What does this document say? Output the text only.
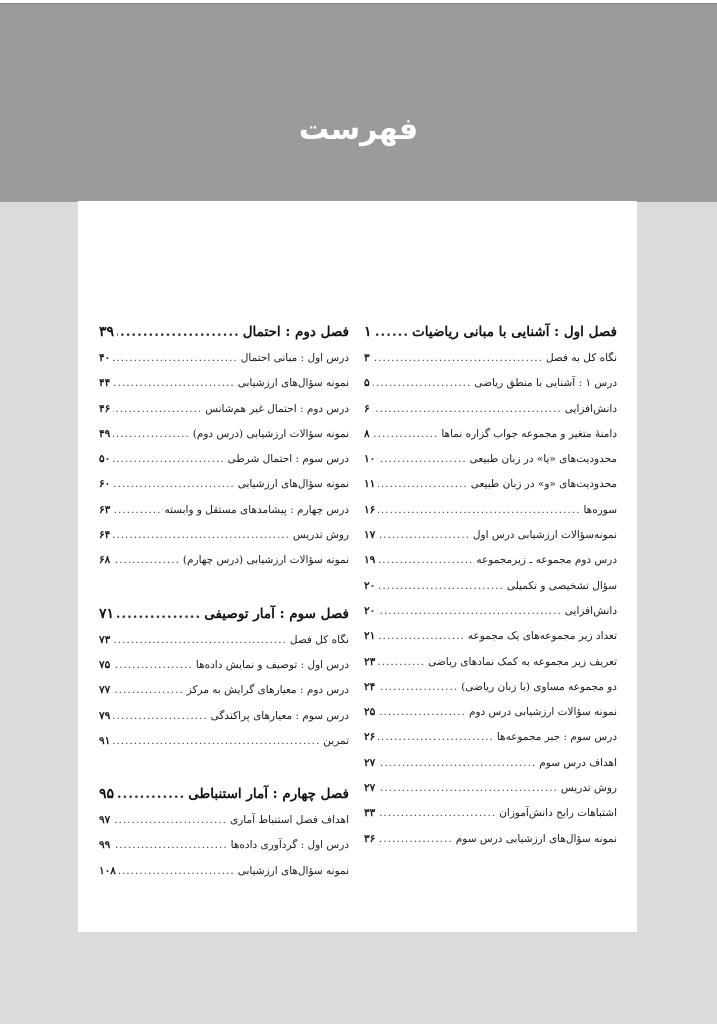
فهرست
فصل اول : آشنایی با مبانی ریاضیات
.....
۱
نگاه کل به فصل
.....
۳
درس ۱ : آشنایی با منطق ریاضی
.....
۵
دانش‌افزایی
.....
۶
دامنهٔ متغیر و مجموعه جواب گزاره نماها
.....
۸
محدودیت‌های «یا» در زبان طبیعی
.....
۱۰
محدودیت‌های «و» در زبان طبیعی
.....
۱۱
سوره‌ها
.....
۱۶
نمونه‌سؤالات ارزشیابی درس اول
.....
۱۷
درس دوم مجموعه ـ زیرمجموعه
.....
۱۹
سؤال تشخیصی و تکمیلی
.....
۲۰
دانش‌افزایی
.....
۲۰
تعداد زیر مجموعه‌های یک مجموعه
.....
۲۱
تعریف زیر مجموعه به کمک نمادهای ریاضی
.....
۲۳
دو مجموعه مساوی (با زبان ریاضی)
.....
۲۴
نمونه سؤالات ارزشیابی درس دوم
.....
۲۵
درس سوم : جبر مجموعه‌ها
.....
۲۶
اهداف درس سوم
.....
۲۷
روش تدریس
.....
۲۷
اشتباهات رایج دانش‌آموزان
.....
۳۳
نمونه سؤال‌های ارزشیابی درس سوم
.....
۳۶
فصل دوم : احتمال
.....
۳۹
درس اول : مبانی احتمال
.....
۴۰
نمونه سؤال‌های ارزشیابی
.....
۴۴
درس دوم : احتمال غیر هم‌شانس
.....
۴۶
نمونه سؤالات ارزشیابی (درس دوم)
.....
۴۹
درس سوم : احتمال شرطی
.....
۵۰
نمونه سؤال‌های ارزشیابی
.....
۶۰
درس چهارم : پیشامدهای مستقل و وابسته
.....
۶۳
روش تدریس
.....
۶۴
نمونه سؤالات ارزشیابی (درس چهارم)
.....
۶۸
فصل سوم : آمار توصیفی
.....
۷۱
نگاه کل فصل
.....
۷۳
درس اول : توصیف و نمایش داده‌ها
.....
۷۵
درس دوم : معیارهای گرایش به مرکز
.....
۷۷
درس سوم : معیارهای پراکندگی
.....
۷۹
تمرین
.....
۹۱
فصل چهارم : آمار استنباطی
.....
۹۵
اهداف فصل استنباط آماری
.....
۹۷
درس اول : گردآوری داده‌ها
.....
۹۹
نمونه سؤال‌های ارزشیابی
.....
۱۰۸
